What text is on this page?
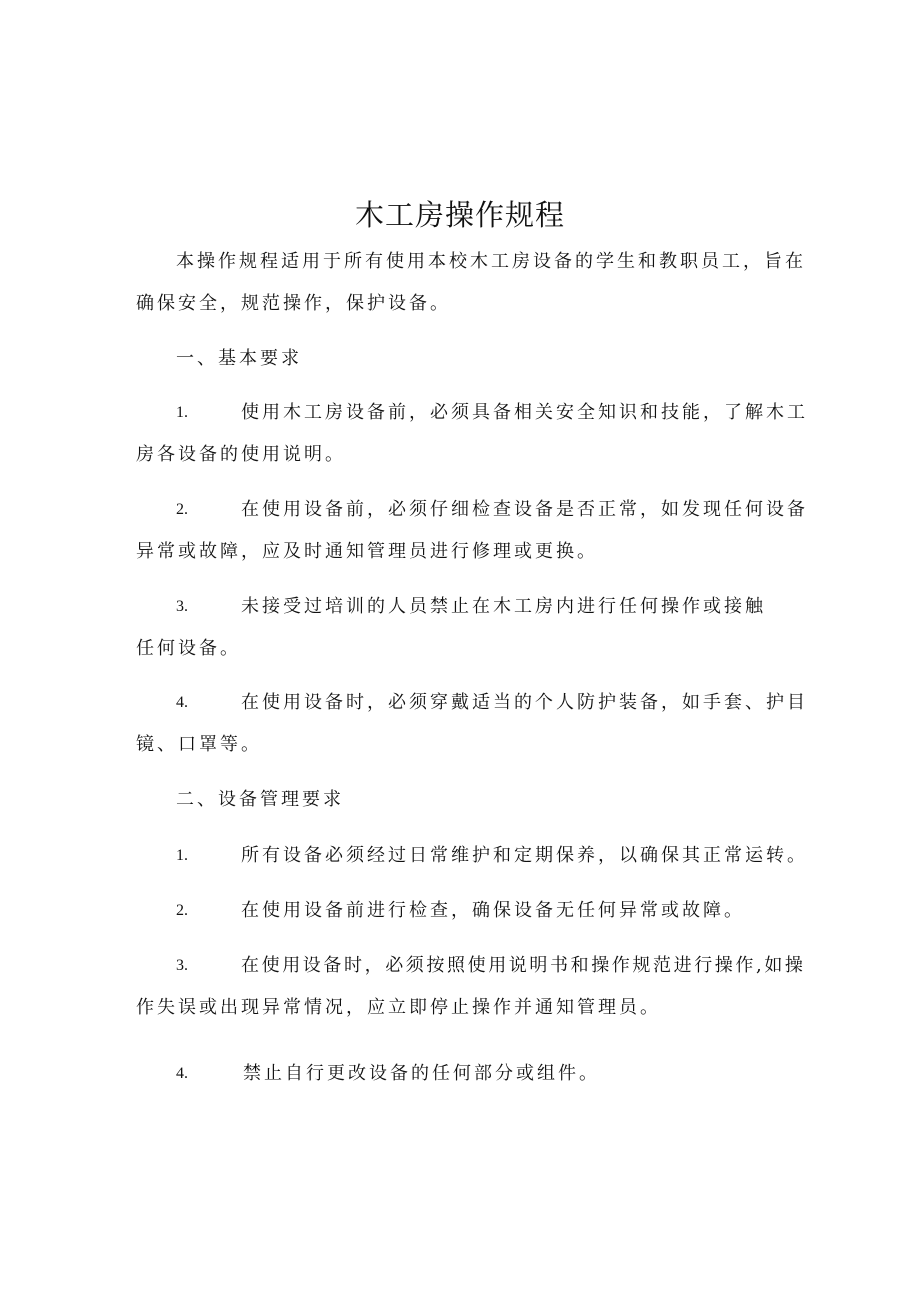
木工房操作规程
本操作规程适用于所有使用本校木工房设备的学生和教职员工，旨在
确保安全，规范操作，保护设备。
一、基本要求
1.	使用木工房设备前，必须具备相关安全知识和技能，了解木工
房各设备的使用说明。
2.	在使用设备前，必须仔细检查设备是否正常，如发现任何设备
异常或故障，应及时通知管理员进行修理或更换。
3.	未接受过培训的人员禁止在木工房内进行任何操作或接触
任何设备。
4.	在使用设备时，必须穿戴适当的个人防护装备，如手套、护目
镜、口罩等。
二、设备管理要求
1.	所有设备必须经过日常维护和定期保养，以确保其正常运转。
2.	在使用设备前进行检查，确保设备无任何异常或故障。
3.	在使用设备时，必须按照使用说明书和操作规范进行操作,如操
作失误或出现异常情况，应立即停止操作并通知管理员。
4.	禁止自行更改设备的任何部分或组件。
